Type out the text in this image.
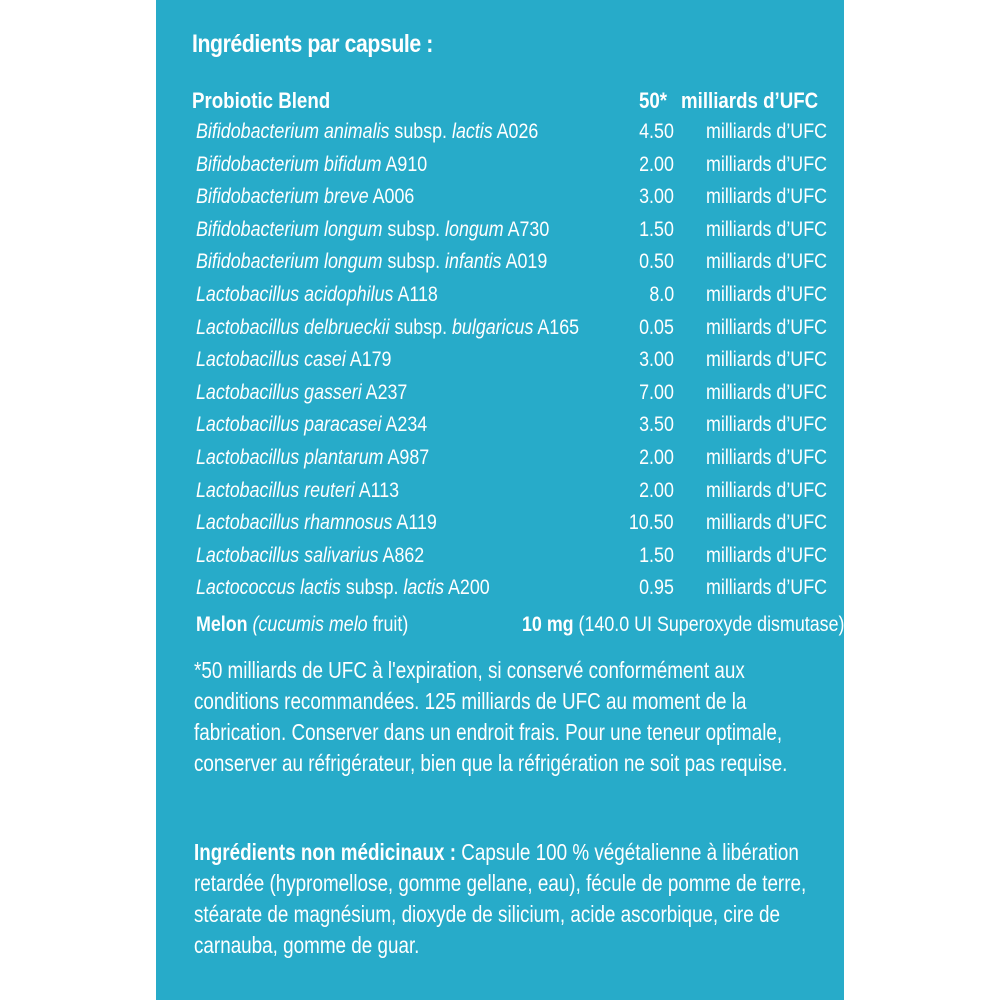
Ingrédients par capsule :
Probiotic Blend	50* milliards d’UFC
Bifidobacterium animalis subsp. lactis A026	4.50 milliards d’UFC
Bifidobacterium bifidum A910	2.00 milliards d’UFC
Bifidobacterium breve A006	3.00 milliards d’UFC
Bifidobacterium longum subsp. longum A730	1.50 milliards d’UFC
Bifidobacterium longum subsp. infantis A019	0.50 milliards d’UFC
Lactobacillus acidophilus A118	8.0 milliards d’UFC
Lactobacillus delbrueckii subsp. bulgaricus A165	0.05 milliards d’UFC
Lactobacillus casei A179	3.00 milliards d’UFC
Lactobacillus gasseri A237	7.00 milliards d’UFC
Lactobacillus paracasei A234	3.50 milliards d’UFC
Lactobacillus plantarum A987	2.00 milliards d’UFC
Lactobacillus reuteri A113	2.00 milliards d’UFC
Lactobacillus rhamnosus A119	10.50 milliards d’UFC
Lactobacillus salivarius A862	1.50 milliards d’UFC
Lactococcus lactis subsp. lactis A200	0.95 milliards d’UFC
Melon (cucumis melo fruit)	10 mg (140.0 UI Superoxyde dismutase)
*50 milliards de UFC à l'expiration, si conservé conformément aux conditions recommandées. 125 milliards de UFC au moment de la fabrication. Conserver dans un endroit frais. Pour une teneur optimale, conserver au réfrigérateur, bien que la réfrigération ne soit pas requise.
Ingrédients non médicinaux : Capsule 100 % végétalienne à libération retardée (hypromellose, gomme gellane, eau), fécule de pomme de terre, stéarate de magnésium, dioxyde de silicium, acide ascorbique, cire de carnauba, gomme de guar.
